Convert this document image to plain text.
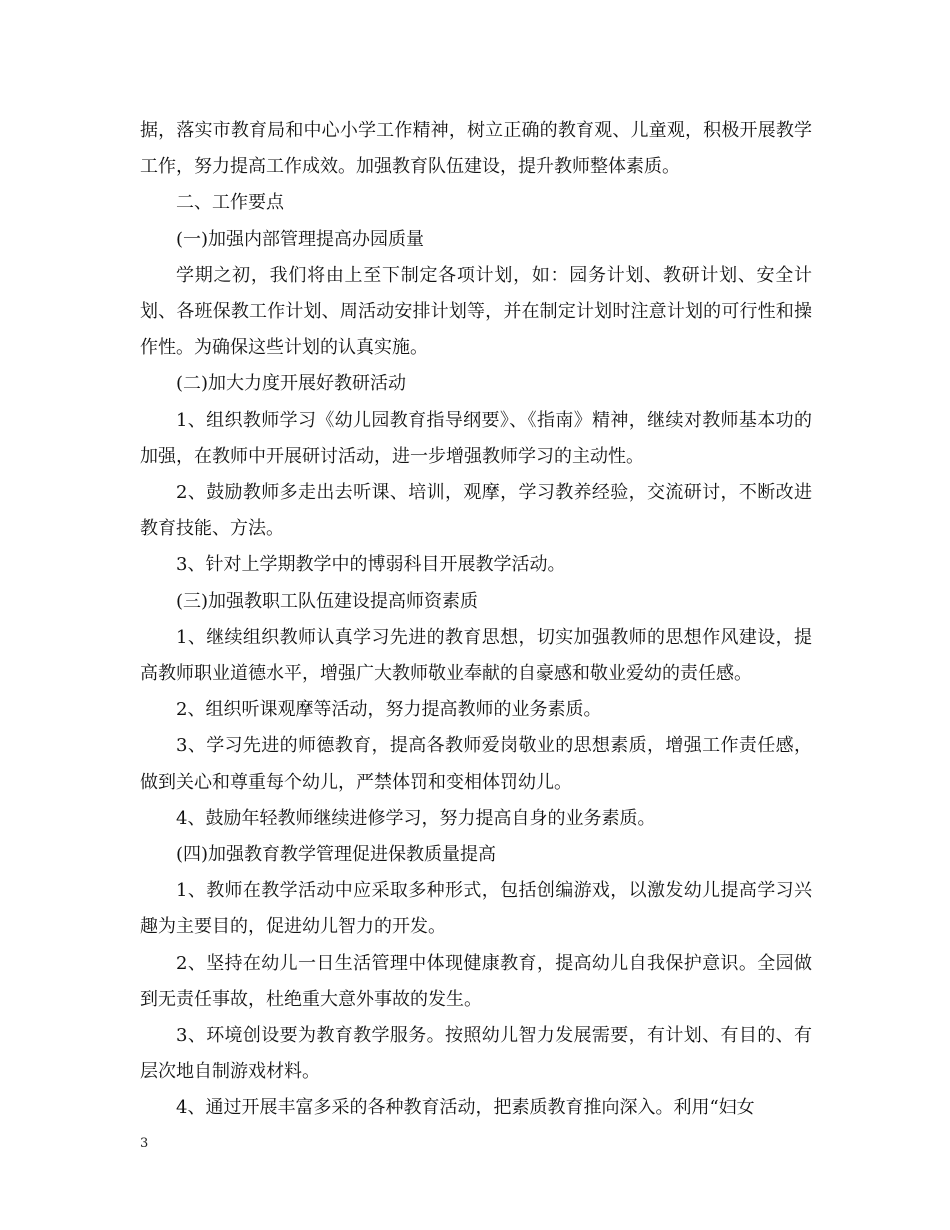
据，落实市教育局和中心小学工作精神，树立正确的教育观、儿童观，积极开展教学工作，努力提高工作成效。加强教育队伍建设，提升教师整体素质。

二、工作要点

(一)加强内部管理提高办园质量

学期之初，我们将由上至下制定各项计划，如：园务计划、教研计划、安全计划、各班保教工作计划、周活动安排计划等，并在制定计划时注意计划的可行性和操作性。为确保这些计划的认真实施。

(二)加大力度开展好教研活动

1、组织教师学习《幼儿园教育指导纲要》、《指南》精神，继续对教师基本功的加强，在教师中开展研讨活动，进一步增强教师学习的主动性。

2、鼓励教师多走出去听课、培训，观摩，学习教养经验，交流研讨，不断改进教育技能、方法。

3、针对上学期教学中的博弱科目开展教学活动。

(三)加强教职工队伍建设提高师资素质

1、继续组织教师认真学习先进的教育思想，切实加强教师的思想作风建设，提高教师职业道德水平，增强广大教师敬业奉献的自豪感和敬业爱幼的责任感。

2、组织听课观摩等活动，努力提高教师的业务素质。

3、学习先进的师德教育，提高各教师爱岗敬业的思想素质，增强工作责任感，做到关心和尊重每个幼儿，严禁体罚和变相体罚幼儿。

4、鼓励年轻教师继续进修学习，努力提高自身的业务素质。

(四)加强教育教学管理促进保教质量提高

1、教师在教学活动中应采取多种形式，包括创编游戏，以激发幼儿提高学习兴趣为主要目的，促进幼儿智力的开发。

2、坚持在幼儿一日生活管理中体现健康教育，提高幼儿自我保护意识。全园做到无责任事故，杜绝重大意外事故的发生。

3、环境创设要为教育教学服务。按照幼儿智力发展需要，有计划、有目的、有层次地自制游戏材料。

4、通过开展丰富多采的各种教育活动，把素质教育推向深入。利用“妇女

3
